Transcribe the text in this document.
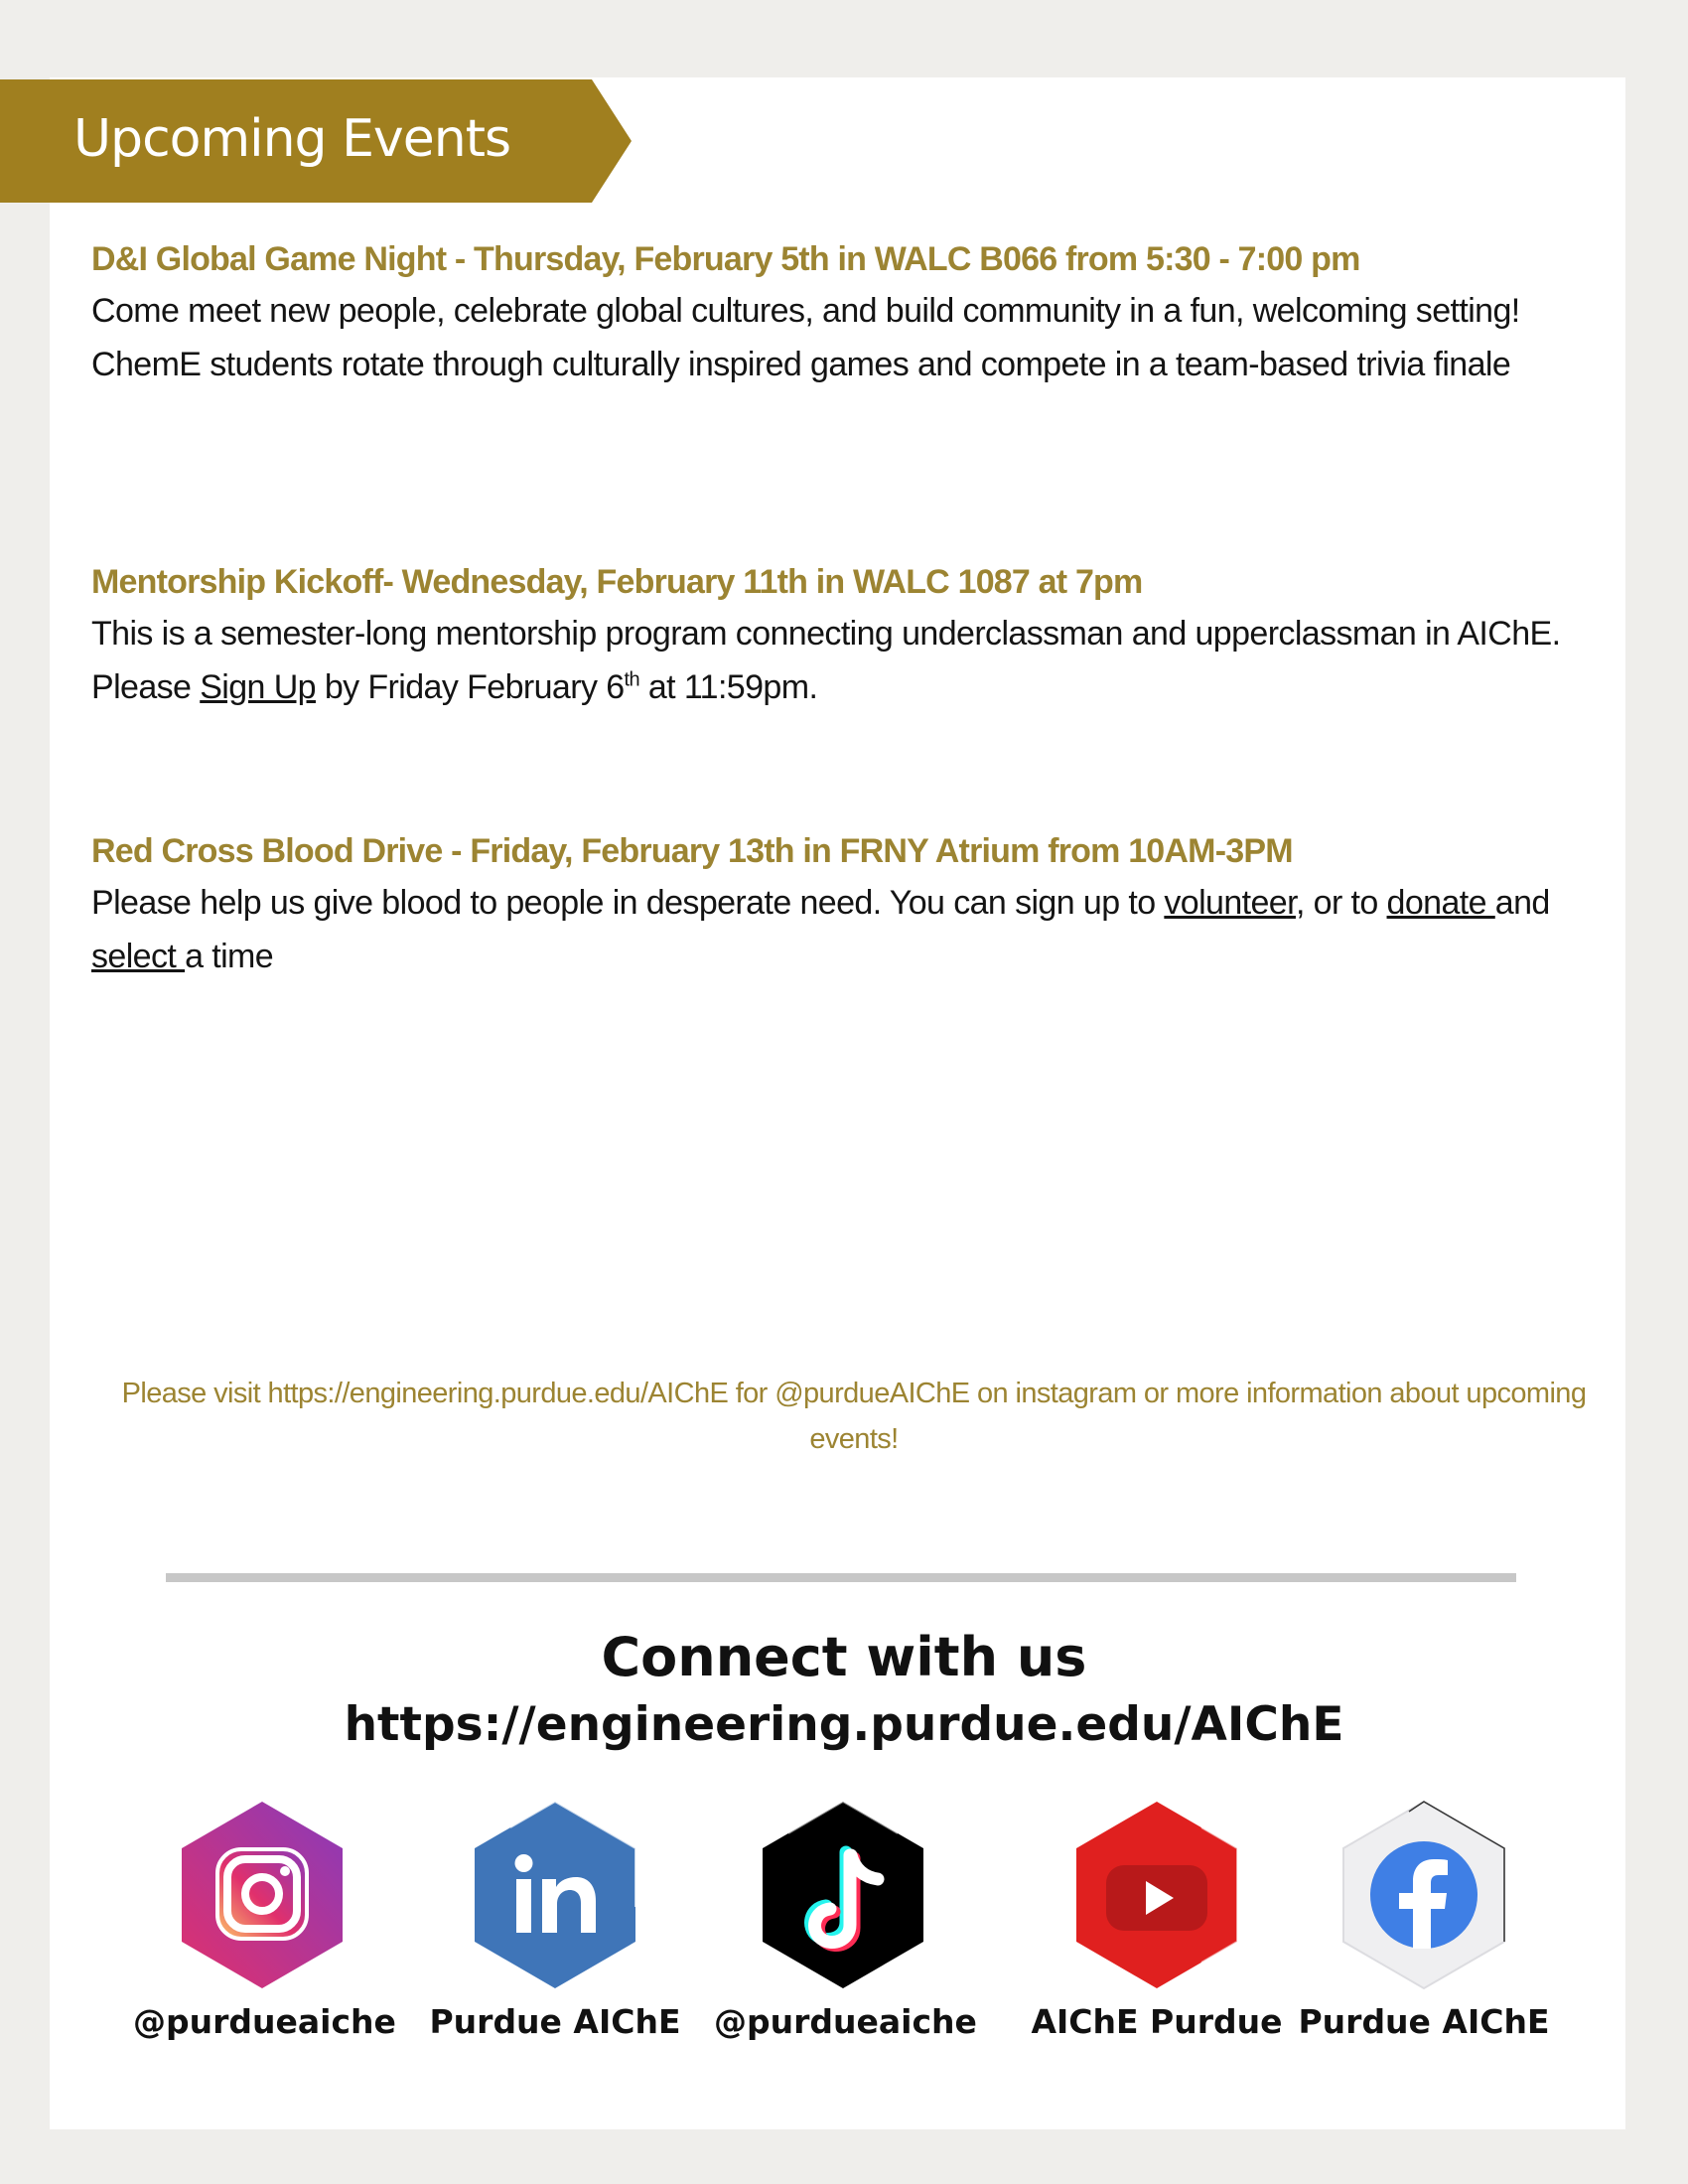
Upcoming Events
D&I Global Game Night - Thursday, February 5th in WALC B066 from 5:30 - 7:00 pm
Come meet new people, celebrate global cultures, and build community in a fun, welcoming setting! ChemE students rotate through culturally inspired games and compete in a team-based trivia finale
Mentorship Kickoff- Wednesday, February 11th in WALC 1087 at 7pm
This is a semester-long mentorship program connecting underclassman and upperclassman in AIChE. Please Sign Up by Friday February 6th at 11:59pm.
Red Cross Blood Drive - Friday, February 13th in FRNY Atrium from 10AM-3PM
Please help us give blood to people in desperate need. You can sign up to volunteer, or to donate and select a time
Please visit https://engineering.purdue.edu/AIChE for @purdueAIChE on instagram or more information about upcoming events!
Connect with us
https://engineering.purdue.edu/AIChE
@purdueaiche Purdue AIChE @purdueaiche AIChE Purdue Purdue AIChE
